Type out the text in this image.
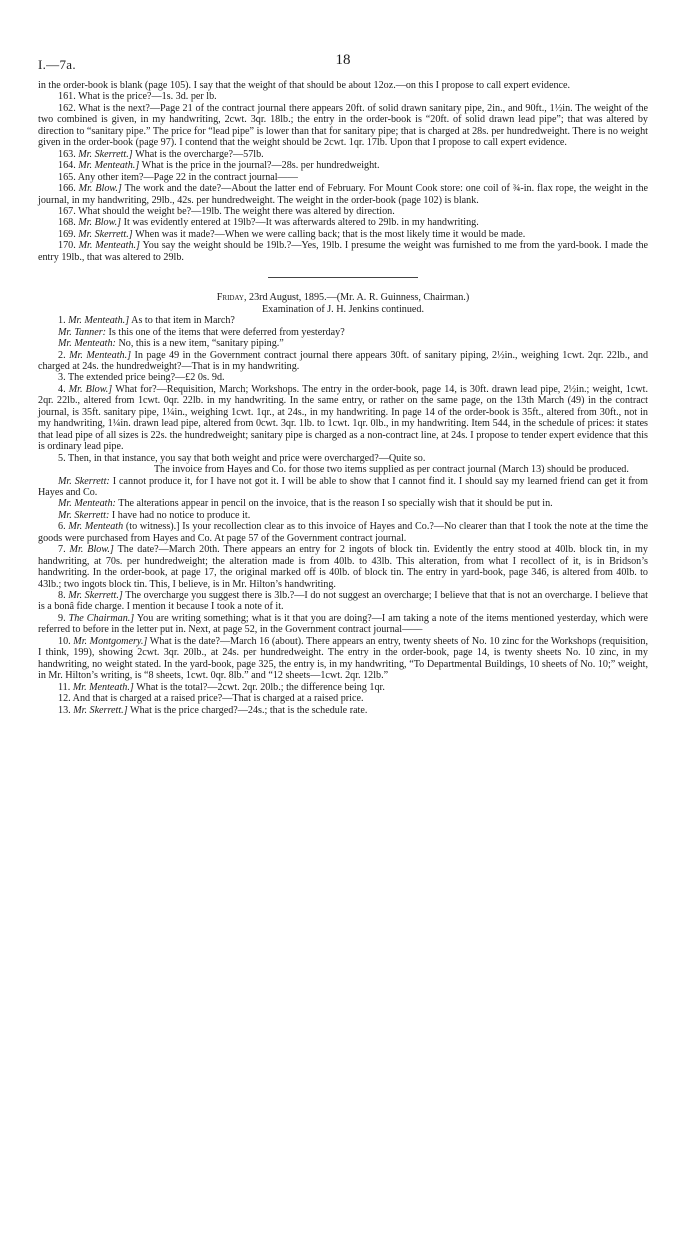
I.—7a.	18

in the order-book is blank (page 105). I say that the weight of that should be about 12oz.—on this I propose to call expert evidence.

161. What is the price?—1s. 3d. per lb.

162. What is the next?—Page 21 of the contract journal there appears 20ft. of solid drawn sanitary pipe, 2in., and 90ft., 1½in. The weight of the two combined is given, in my handwriting, 2cwt. 3qr. 18lb.; the entry in the order-book is “20ft. of solid drawn lead pipe”; that was altered by direction to “sanitary pipe.” The price for “lead pipe” is lower than that for sanitary pipe; that is charged at 28s. per hundredweight. There is no weight given in the order-book (page 97). I contend that the weight should be 2cwt. 1qr. 17lb. Upon that I propose to call expert evidence.

163. Mr. Skerrett.] What is the overcharge?—57lb.

164. Mr. Menteath.] What is the price in the journal?—28s. per hundredweight.

165. Any other item?—Page 22 in the contract journal——

166. Mr. Blow.] The work and the date?—About the latter end of February. For Mount Cook store: one coil of ¾-in. flax rope, the weight in the journal, in my handwriting, 29lb., 42s. per hundredweight. The weight in the order-book (page 102) is blank.

167. What should the weight be?—19lb. The weight there was altered by direction.

168. Mr. Blow.] It was evidently entered at 19lb?—It was afterwards altered to 29lb. in my handwriting.

169. Mr. Skerrett.] When was it made?—When we were calling back; that is the most likely time it would be made.

170. Mr. Menteath.] You say the weight should be 19lb.?—Yes, 19lb. I presume the weight was furnished to me from the yard-book. I made the entry 19lb., that was altered to 29lb.

Friday, 23rd August, 1895.—(Mr. A. R. Guinness, Chairman.)

Examination of J. H. Jenkins continued.

1. Mr. Menteath.] As to that item in March?

Mr. Tanner: Is this one of the items that were deferred from yesterday?

Mr. Menteath: No, this is a new item, “sanitary piping.”

2. Mr. Menteath.] In page 49 in the Government contract journal there appears 30ft. of sanitary piping, 2½in., weighing 1cwt. 2qr. 22lb., and charged at 24s. the hundredweight?—That is in my handwriting.

3. The extended price being?—£2 0s. 9d.

4. Mr. Blow.] What for?—Requisition, March; Workshops. The entry in the order-book, page 14, is 30ft. drawn lead pipe, 2½in.; weight, 1cwt. 2qr. 22lb., altered from 1cwt. 0qr. 22lb. in my handwriting. In the same entry, or rather on the same page, on the 13th March (49) in the contract journal, is 35ft. sanitary pipe, 1¼in., weighing 1cwt. 1qr., at 24s., in my handwriting. In page 14 of the order-book is 35ft., altered from 30ft., not in my handwriting, 1¼in. drawn lead pipe, altered from 0cwt. 3qr. 1lb. to 1cwt. 1qr. 0lb., in my handwriting. Item 544, in the schedule of prices: it states that lead pipe of all sizes is 22s. the hundredweight; sanitary pipe is charged as a non-contract line, at 24s. I propose to tender expert evidence that this is ordinary lead pipe.

5. Then, in that instance, you say that both weight and price were overcharged?—Quite so.

The invoice from Hayes and Co. for those two items supplied as per contract journal (March 13) should be produced.

Mr. Skerrett: I cannot produce it, for I have not got it. I will be able to show that I cannot find it. I should say my learned friend can get it from Hayes and Co.

Mr. Menteath: The alterations appear in pencil on the invoice, that is the reason I so specially wish that it should be put in.

Mr. Skerrett: I have had no notice to produce it.

6. Mr. Menteath (to witness).] Is your recollection clear as to this invoice of Hayes and Co.?—No clearer than that I took the note at the time the goods were purchased from Hayes and Co. At page 57 of the Government contract journal.

7. Mr. Blow.] The date?—March 20th. There appears an entry for 2 ingots of block tin. Evidently the entry stood at 40lb. block tin, in my handwriting, at 70s. per hundredweight; the alteration made is from 40lb. to 43lb. This alteration, from what I recollect of it, is in Bridson’s handwriting. In the order-book, at page 17, the original marked off is 40lb. of block tin. The entry in yard-book, page 346, is altered from 40lb. to 43lb.; two ingots block tin. This, I believe, is in Mr. Hilton’s handwriting.

8. Mr. Skerrett.] The overcharge you suggest there is 3lb.?—I do not suggest an overcharge; I believe that that is not an overcharge. I believe that is a bonâ fide charge. I mention it because I took a note of it.

9. The Chairman.] You are writing something; what is it that you are doing?—I am taking a note of the items mentioned yesterday, which were referred to before in the letter put in. Next, at page 52, in the Government contract journal——

10. Mr. Montgomery.] What is the date?—March 16 (about). There appears an entry, twenty sheets of No. 10 zinc for the Workshops (requisition, I think, 199), showing 2cwt. 3qr. 20lb., at 24s. per hundredweight. The entry in the order-book, page 14, is twenty sheets No. 10 zinc, in my handwriting, no weight stated. In the yard-book, page 325, the entry is, in my handwriting, “To Departmental Buildings, 10 sheets of No. 10;” weight, in Mr. Hilton’s writing, is “8 sheets, 1cwt. 0qr. 8lb.” and “12 sheets—1cwt. 2qr. 12lb.”

11. Mr. Menteath.] What is the total?—2cwt. 2qr. 20lb.; the difference being 1qr.

12. And that is charged at a raised price?—That is charged at a raised price.

13. Mr. Skerrett.] What is the price charged?—24s.; that is the schedule rate.
